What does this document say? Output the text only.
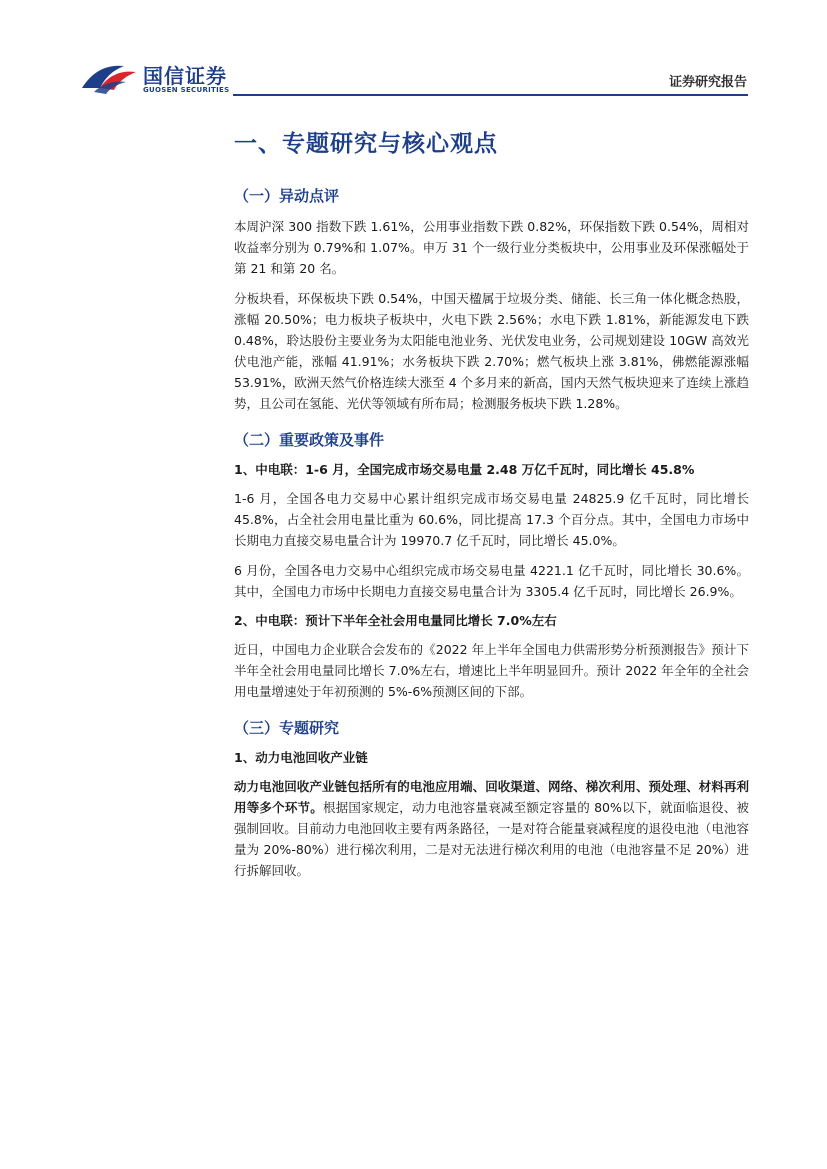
国信证券
GUOSEN SECURITIES	证券研究报告
一、专题研究与核心观点
（一）异动点评

本周沪深 300 指数下跌 1.61%，公用事业指数下跌 0.82%，环保指数下跌 0.54%，周相对收益率分别为 0.79%和 1.07%。申万 31 个一级行业分类板块中，公用事业及环保涨幅处于第 21 和第 20 名。

分板块看，环保板块下跌 0.54%，中国天楹属于垃圾分类、储能、长三角一体化概念热股，涨幅 20.50%；电力板块子板块中，火电下跌 2.56%；水电下跌 1.81%，新能源发电下跌 0.48%，聆达股份主要业务为太阳能电池业务、光伏发电业务，公司规划建设 10GW 高效光伏电池产能，涨幅 41.91%；水务板块下跌 2.70%；燃气板块上涨 3.81%，佛燃能源涨幅 53.91%，欧洲天然气价格连续大涨至 4 个多月来的新高，国内天然气板块迎来了连续上涨趋势，且公司在氢能、光伏等领域有所布局；检测服务板块下跌 1.28%。

（二）重要政策及事件
1、中电联：1-6 月，全国完成市场交易电量 2.48 万亿千瓦时，同比增长 45.8%

1-6 月，全国各电力交易中心累计组织完成市场交易电量 24825.9 亿千瓦时，同比增长 45.8%，占全社会用电量比重为 60.6%，同比提高 17.3 个百分点。其中，全国电力市场中长期电力直接交易电量合计为 19970.7 亿千瓦时，同比增长 45.0%。

6 月份，全国各电力交易中心组织完成市场交易电量 4221.1 亿千瓦时，同比增长 30.6%。其中，全国电力市场中长期电力直接交易电量合计为 3305.4 亿千瓦时，同比增长 26.9%。

2、中电联：预计下半年全社会用电量同比增长 7.0%左右

近日，中国电力企业联合会发布的《2022 年上半年全国电力供需形势分析预测报告》预计下半年全社会用电量同比增长 7.0%左右，增速比上半年明显回升。预计 2022 年全年的全社会用电量增速处于年初预测的 5%-6%预测区间的下部。

（三）专题研究
1、动力电池回收产业链

动力电池回收产业链包括所有的电池应用端、回收渠道、网络、梯次利用、预处理、材料再利用等多个环节。根据国家规定，动力电池容量衰减至额定容量的 80%以下，就面临退役、被强制回收。目前动力电池回收主要有两条路径，一是对符合能量衰减程度的退役电池（电池容量为 20%-80%）进行梯次利用，二是对无法进行梯次利用的电池（电池容量不足 20%）进行拆解回收。
